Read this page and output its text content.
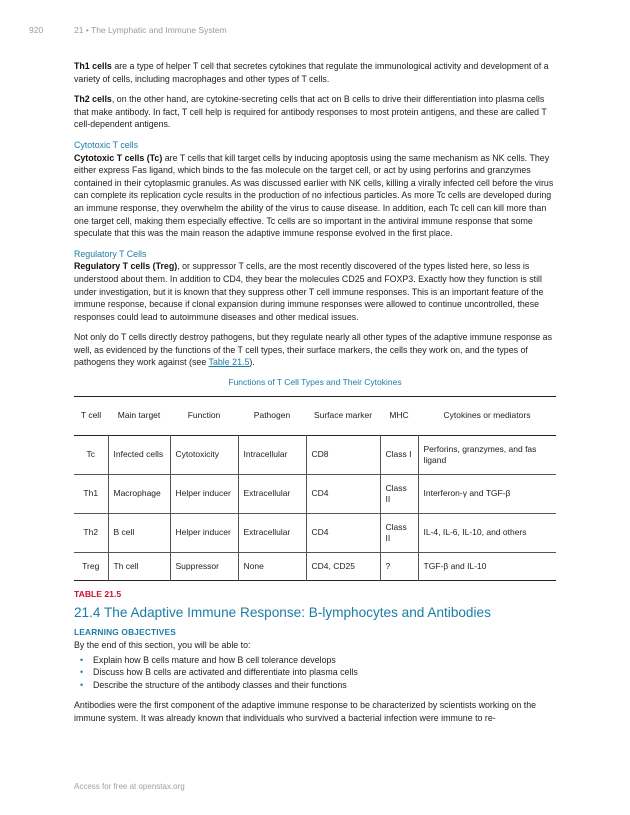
920	21 • The Lymphatic and Immune System

Th1 cells are a type of helper T cell that secretes cytokines that regulate the immunological activity and development of a variety of cells, including macrophages and other types of T cells.

Th2 cells, on the other hand, are cytokine-secreting cells that act on B cells to drive their differentiation into plasma cells that make antibody. In fact, T cell help is required for antibody responses to most protein antigens, and these are called T cell-dependent antigens.

Cytotoxic T cells

Cytotoxic T cells (Tc) are T cells that kill target cells by inducing apoptosis using the same mechanism as NK cells. They either express Fas ligand, which binds to the fas molecule on the target cell, or act by using perforins and granzymes contained in their cytoplasmic granules. As was discussed earlier with NK cells, killing a virally infected cell before the virus can complete its replication cycle results in the production of no infectious particles. As more Tc cells are developed during an immune response, they overwhelm the ability of the virus to cause disease. In addition, each Tc cell can kill more than one target cell, making them especially effective. Tc cells are so important in the antiviral immune response that some speculate that this was the main reason the adaptive immune response evolved in the first place.

Regulatory T Cells

Regulatory T cells (Treg), or suppressor T cells, are the most recently discovered of the types listed here, so less is understood about them. In addition to CD4, they bear the molecules CD25 and FOXP3. Exactly how they function is still under investigation, but it is known that they suppress other T cell immune responses. This is an important feature of the immune response, because if clonal expansion during immune responses were allowed to continue uncontrolled, these responses could lead to autoimmune diseases and other medical issues.

Not only do T cells directly destroy pathogens, but they regulate nearly all other types of the adaptive immune response as well, as evidenced by the functions of the T cell types, their surface markers, the cells they work on, and the types of pathogens they work against (see Table 21.5).

Functions of T Cell Types and Their Cytokines
T cell	Main target	Function	Pathogen	Surface marker	MHC	Cytokines or mediators
Tc	Infected cells	Cytotoxicity	Intracellular	CD8	Class I	Perforins, granzymes, and fas ligand
Th1	Macrophage	Helper inducer	Extracellular	CD4	Class II	Interferon-γ and TGF-β
Th2	B cell	Helper inducer	Extracellular	CD4	Class II	IL-4, IL-6, IL-10, and others
Treg	Th cell	Suppressor	None	CD4, CD25	?	TGF-β and IL-10
TABLE 21.5
21.4 The Adaptive Immune Response: B-lymphocytes and Antibodies
LEARNING OBJECTIVES

By the end of this section, you will be able to:

• Explain how B cells mature and how B cell tolerance develops
• Discuss how B cells are activated and differentiate into plasma cells
• Describe the structure of the antibody classes and their functions

Antibodies were the first component of the adaptive immune response to be characterized by scientists working on the immune system. It was already known that individuals who survived a bacterial infection were immune to re-

Access for free at openstax.org
